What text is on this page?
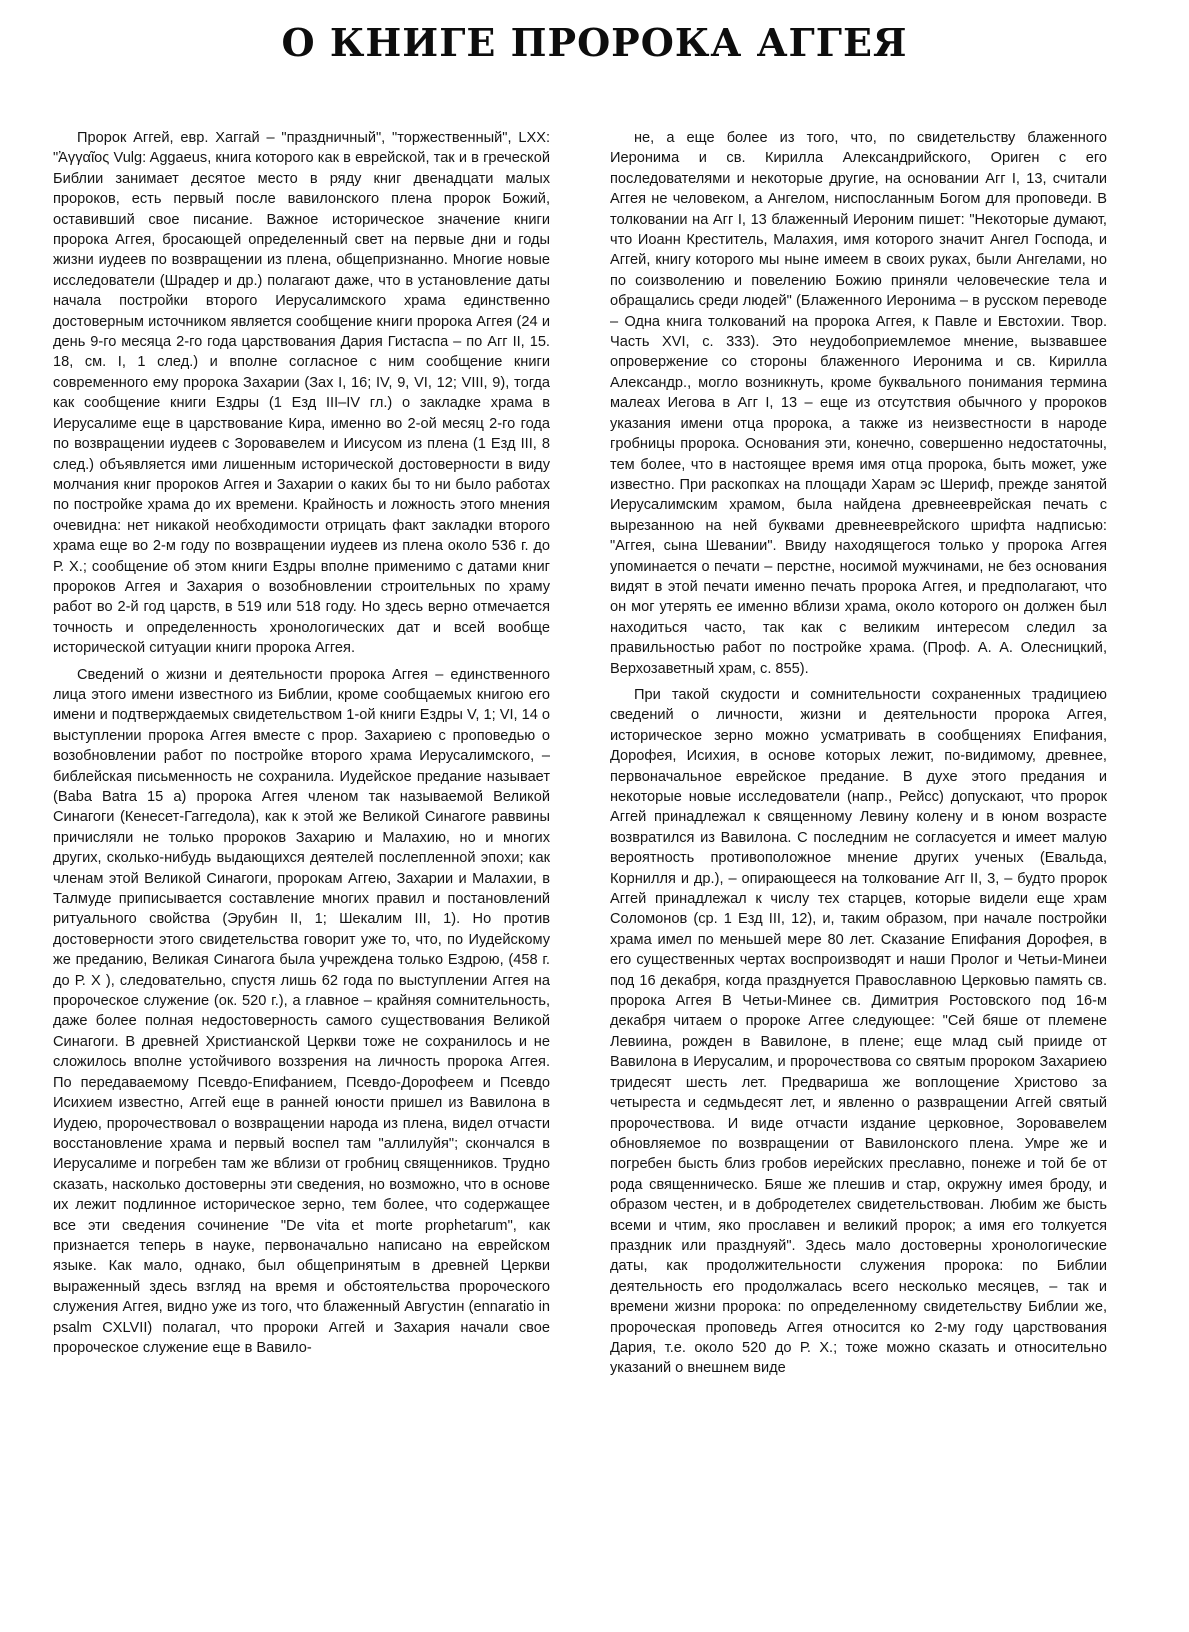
О КНИГЕ ПРОРОКА АГГЕЯ

Пророк Аггей, евр. Хаггай – "праздничный", "торжественный", LXX: "Ἀγγαῖος Vulg: Aggaeus, книга которого как в еврейской, так и в греческой Библии занимает десятое место в ряду книг двенадцати малых пророков, есть первый после вавилонского плена пророк Божий, оставивший свое писание. Важное историческое значение книги пророка Аггея, бросающей определенный свет на первые дни и годы жизни иудеев по возвращении из плена, общепризнанно. Многие новые исследователи (Шрадер и др.) полагают даже, что в установление даты начала постройки второго Иерусалимского храма единственно достоверным источником является сообщение книги пророка Аггея (24 и день 9-го месяца 2-го года царствования Дария Гистаспа – по Агг II, 15. 18, см. I, 1 след.) и вполне согласное с ним сообщение книги современного ему пророка Захарии (Зах I, 16; IV, 9, VI, 12; VIII, 9), тогда как сообщение книги Ездры (1 Езд III–IV гл.) о закладке храма в Иерусалиме еще в царствование Кира, именно во 2-ой месяц 2-го года по возвращении иудеев с Зоровавелем и Иисусом из плена (1 Езд III, 8 след.) объявляется ими лишенным исторической достоверности в виду молчания книг пророков Аггея и Захарии о каких бы то ни было работах по постройке храма до их времени. Крайность и ложность этого мнения очевидна: нет никакой необходимости отрицать факт закладки второго храма еще во 2-м году по возвращении иудеев из плена около 536 г. до Р. Х.; сообщение об этом книги Ездры вполне применимо с датами книг пророков Аггея и Захария о возобновлении строительных по храму работ во 2-й год царств, в 519 или 518 году. Но здесь верно отмечается точность и определенность хронологических дат и всей вообще исторической ситуации книги пророка Аггея.

Сведений о жизни и деятельности пророка Аггея – единственного лица этого имени известного из Библии, кроме сообщаемых книгою его имени и подтверждаемых свидетельством 1-ой книги Ездры V, 1; VI, 14 о выступлении пророка Аггея вместе с прор. Захариею с проповедью о возобновлении работ по постройке второго храма Иерусалимского, – библейская письменность не сохранила. Иудейское предание называет (Baba Batra 15 a) пророка Аггея членом так называемой Великой Синагоги (Кенесет-Гаггедола), как к этой же Великой Синагоге раввины причисляли не только пророков Захарию и Малахию, но и многих других, сколько-нибудь выдающихся деятелей послепленной эпохи; как членам этой Великой Синагоги, пророкам Аггею, Захарии и Малахии, в Талмуде приписывается составление многих правил и постановлений ритуального свойства (Эрубин II, 1; Шекалим III, 1). Но против достоверности этого свидетельства говорит уже то, что, по Иудейскому же преданию, Великая Синагога была учреждена только Ездрою, (458 г. до Р. Х ), следовательно, спустя лишь 62 года по выступлении Аггея на пророческое служение (ок. 520 г.), а главное – крайняя сомнительность, даже более полная недостоверность самого существования Великой Синагоги. В древней Христианской Церкви тоже не сохранилось и не сложилось вполне устойчивого воззрения на личность пророка Аггея. По передаваемому Псевдо-Епифанием, Псевдо-Дорофеем и Псевдо Исихием известно, Аггей еще в ранней юности пришел из Вавилона в Иудею, пророчествовал о возвращении народа из плена, видел отчасти восстановление храма и первый воспел там "аллилуйя"; скончался в Иерусалиме и погребен там же вблизи от гробниц священников. Трудно сказать, насколько достоверны эти сведения, но возможно, что в основе их лежит подлинное историческое зерно, тем более, что содержащее все эти сведения сочинение "De vita et morte prophetarum", как признается теперь в науке, первоначально написано на еврейском языке. Как мало, однако, был общепринятым в древней Церкви выраженный здесь взгляд на время и обстоятельства пророческого служения Аггея, видно уже из того, что блаженный Августин (ennaratio in psalm CXLVII) полагал, что пророки Аггей и Захария начали свое пророческое служение еще в Вавило-

не, а еще более из того, что, по свидетельству блаженного Иеронима и св. Кирилла Александрийского, Ориген с его последователями и некоторые другие, на основании Агг I, 13, считали Аггея не человеком, а Ангелом, ниспосланным Богом для проповеди. В толковании на Агг I, 13 блаженный Иероним пишет: "Некоторые думают, что Иоанн Креститель, Малахия, имя которого значит Ангел Господа, и Аггей, книгу которого мы ныне имеем в своих руках, были Ангелами, но по соизволению и повелению Божию приняли человеческие тела и обращались среди людей" (Блаженного Иеронима – в русском переводе – Одна книга толкований на пророка Аггея, к Павле и Евстохии. Твор. Часть XVI, с. 333). Это неудобоприемлемое мнение, вызвавшее опровержение со стороны блаженного Иеронима и св. Кирилла Александр., могло возникнуть, кроме буквального понимания термина малеах Иегова в Агг I, 13 – еще из отсутствия обычного у пророков указания имени отца пророка, а также из неизвестности в народе гробницы пророка. Основания эти, конечно, совершенно недостаточны, тем более, что в настоящее время имя отца пророка, быть может, уже известно. При раскопках на площади Харам эс Шериф, прежде занятой Иерусалимским храмом, была найдена древнееврейская печать с вырезанною на ней буквами древнееврейского шрифта надписью: "Аггея, сына Шевании". Ввиду находящегося только у пророка Аггея упоминается о печати – перстне, носимой мужчинами, не без основания видят в этой печати именно печать пророка Аггея, и предполагают, что он мог утерять ее именно вблизи храма, около которого он должен был находиться часто, так как с великим интересом следил за правильностью работ по постройке храма. (Проф. А. А. Олесницкий, Верхозаветный храм, с. 855).

При такой скудости и сомнительности сохраненных традициею сведений о личности, жизни и деятельности пророка Аггея, историческое зерно можно усматривать в сообщениях Епифания, Дорофея, Исихия, в основе которых лежит, по-видимому, древнее, первоначальное еврейское предание. В духе этого предания и некоторые новые исследователи (напр., Рейсс) допускают, что пророк Аггей принадлежал к священному Левину колену и в юном возрасте возвратился из Вавилона. С последним не согласуется и имеет малую вероятность противоположное мнение других ученых (Евальда, Корнилля и др.), – опирающееся на толкование Агг II, 3, – будто пророк Аггей принадлежал к числу тех старцев, которые видели еще храм Соломонов (ср. 1 Езд III, 12), и, таким образом, при начале постройки храма имел по меньшей мере 80 лет. Сказание Епифания Дорофея, в его существенных чертах воспроизводят и наши Пролог и Четьи-Минеи под 16 декабря, когда празднуется Православною Церковью память св. пророка Аггея В Четьи-Минее св. Димитрия Ростовского под 16-м декабря читаем о пророке Аггее следующее: "Сей бяше от племене Левиина, рожден в Вавилоне, в плене; еще млад сый прииде от Вавилона в Иерусалим, и пророчествова со святым пророком Захариею тридесят шесть лет. Предвариша же воплощение Христово за четыреста и седмьдесят лет, и явленно о развращении Аггей святый пророчествова. И виде отчасти издание церковное, Зоровавелем обновляемое по возвращении от Вавилонского плена. Умре же и погребен бысть близ гробов иерейских преславно, понеже и той бе от рода священническо. Бяше же плешив и стар, окружну имея броду, и образом честен, и в добродетелех свидетельствован. Любим же бысть всеми и чтим, яко прославен и великий пророк; а имя его толкуется праздник или празднуяй". Здесь мало достоверны хронологические даты, как продолжительности служения пророка: по Библии деятельность его продолжалась всего несколько месяцев, – так и времени жизни пророка: по определенному свидетельству Библии же, пророческая проповедь Аггея относится ко 2-му году царствования Дария, т.е. около 520 до Р. Х.; тоже можно сказать и относительно указаний о внешнем виде
